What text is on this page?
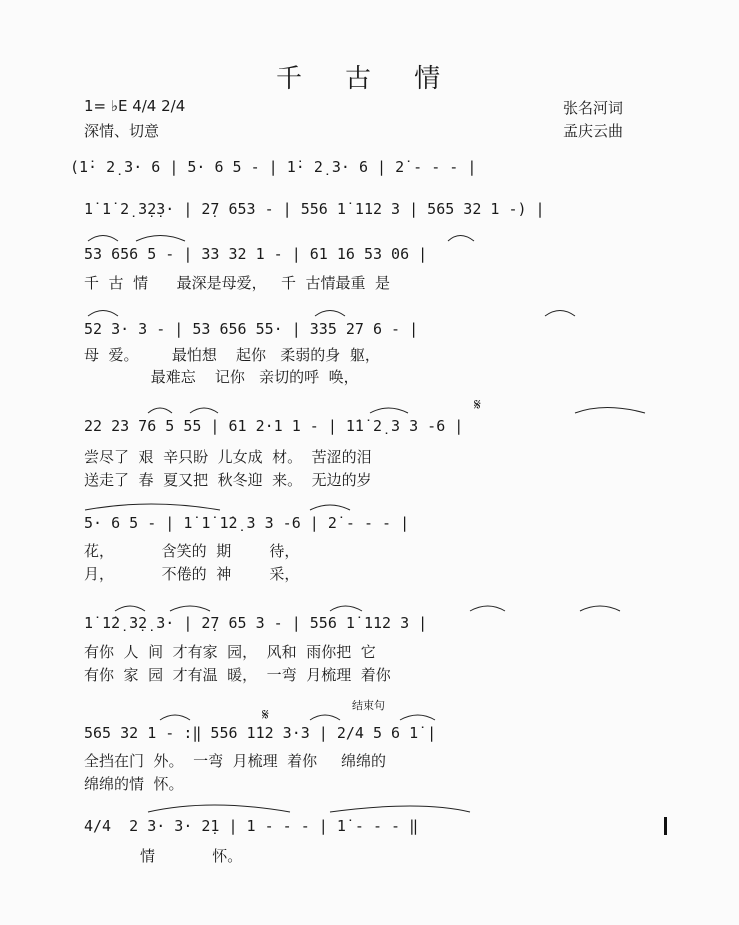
千    古    情
1= ♭E 4/4 2/4
深情、切意
张名河词
孟庆云曲
(1̇· 2̣ 3· 6 | 5· 6 5 - | 1̇· 2̣ 3· 6 | 2̇ - - - |
1̇ 1̇ 2̣ 3̣2̣3· | 2̣7 653 - | 556 1̇ 112 3 | 565 32 1 -) |
53 656 5 - | 33 32 1 - | 61 16 53 06 |
千  古  情      最深是母爱，   千  古情最重  是
52 3· 3 - | 53 656 55· | 335 27 6 - |
母  爱。       最怕想    起你   柔弱的身  躯，
最难忘    记你   亲切的呼  唤，
𝄋
22 23 76 5 55 | 61 2·1 1 - | 1̇1̇ 2̣ 3 3 -6 |
尝尽了  艰  辛只盼  儿女成  材。  苦涩的泪
送走了  春  夏又把  秋冬迎  来。  无边的岁
5· 6 5 - | 1̇ 1̇ 1̇2̣ 3 3 -6 | 2̇ - - - |
花，          含笑的  期        待，
月，          不倦的  神        采，
1̇ 1̇2̣ 3̣2̣ 3· | 2̣7 65 3 - | 556 1̇ 112 3 |
有你  人  间  才有家  园，  风和  雨你把  它
有你  家  园  才有温  暖，  一弯  月梳理  着你
结束句
𝄋
565 32 1 - :‖ 556 1̇12 3·3 | 2/4 5 6 1̇ |
全挡在门  外。  一弯  月梳理  着你     绵绵的
绵绵的情  怀。
4/4  2 3· 3· 2̣1 | 1 - - - | 1̇ - - - ‖
情            怀。
